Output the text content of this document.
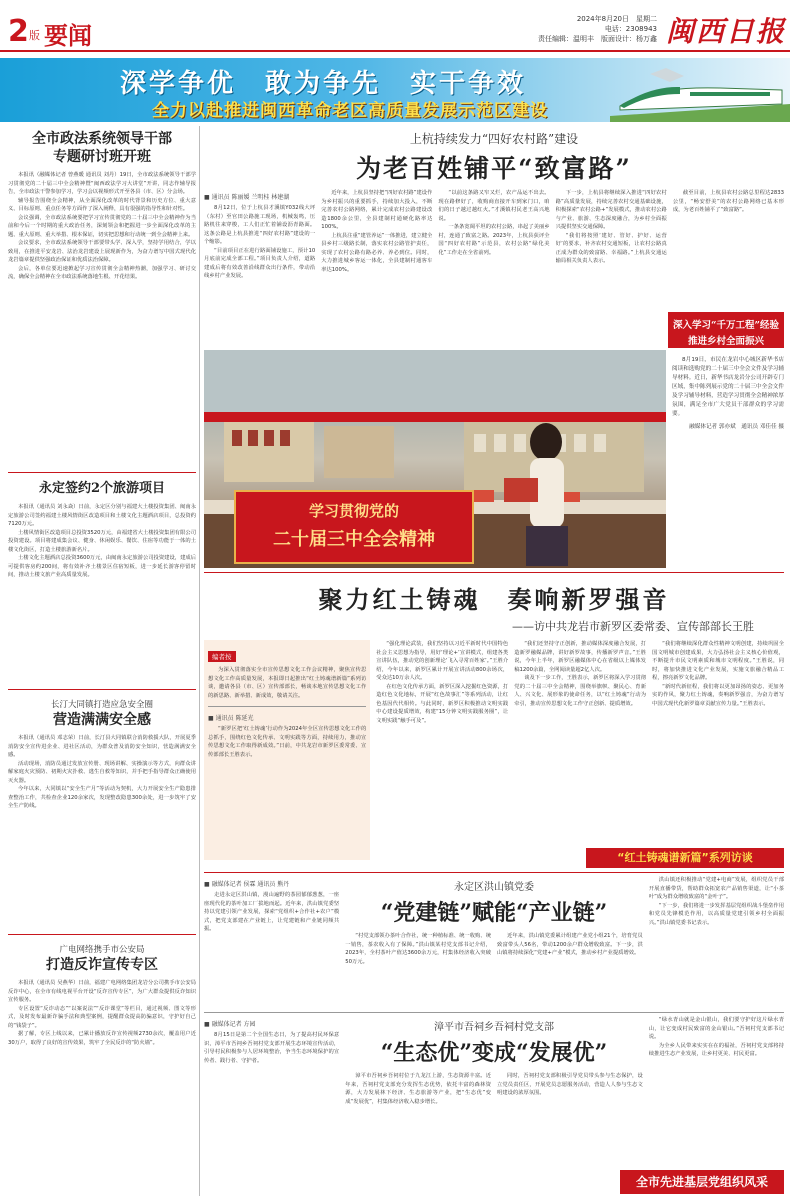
2 版 要闻
2024年8月20日　星期二
电话：2308943
责任编辑：温明丰　版面设计：杨万鑫 闽西日报
深学争优　敢为争先　实干争效
全力以赴推进闽西革命老区高质量发展示范区建设
全市政法系统领导干部
专题研讨班开班

本报讯（融媒体记者 曾燕暖 通讯员 刘丹）19日，全市政法系统领导干部学习贯彻党的二十届三中全会精神暨“闽西政法学习大讲堂”开讲，同志作辅导报告，全市政法干警参加学习，学习会以视频形式开至各县（市、区）分会场。

辅导报告围绕全会精神，从全面深化改革的时代背景和历史方位、重大意义、目标原则、重点任务等方面作了深入阐释，具有很强的指导性和针对性。

会议强调，全市政法系统要把学习宣传贯彻党的二十届三中全会精神作为当前和今后一个时期的重大政治任务，深刻领会和把握进一步全面深化改革的主题、重大原则、重大举措、根本保证，切实把思想和行动统一到全会精神上来。

会议要求，全市政法系统领导干部要带头学、深入学，坚持学用结合，学以致用，在推进平安龙岩、法治龙岩建设上展现新作为，为奋力谱写中国式现代化龙岩篇章提供坚强政治保证和优质法治保障。

会后，各单位要迅速掀起学习宣传贯彻全会精神热潮，加强学习、研讨交流，确保全会精神在全市政法系统落地生根、开花结果。

永定签约2个旅游项目

本报讯（通讯员 刘永焱）日前，永定区分别与福建大土楼投资集团、闽南永定旅游公司签约福建土楼风情街区改造项目和土楼文化主题酒店项目，总投资约7120万元。

土楼风情街区改造项目总投资3520万元，由福建省大土楼投资集团有限公司投资建设。项目将建成集会议、健身、休闲娱乐、餐饮、住宿等功能于一体的土楼文化街区，打造土楼旅游新名片。

土楼文化主题酒店总投资3600万元，由闽南永定旅游公司投资建设，建成后可提供客房约200间，将有效补齐土楼景区住宿短板，进一步延长游客停留时间，推动土楼文旅产业高质量发展。

长汀大同镇打造应急安全圈
营造满满安全感

本报讯（通讯员 邓志荣）日前，长汀县大同镇联合消防救援大队，开展夏季消防安全宣传进企业、进社区活动，为群众普及消防安全知识，营造满满安全感。

活动现场，消防员通过发放宣传册、现场讲解、实操演示等方式，向群众讲解家庭火灾预防、初期火灾扑救、逃生自救等知识，并手把手指导群众正确使用灭火器。

今年以来，大同镇以“安全生产月”等活动为契机，大力开展安全生产隐患排查整治工作，共检查企业120余家次，发现整改隐患300余处，进一步筑牢了安全生产防线。

广电网络携手市公安局
打造反诈宣传专区

本报讯（通讯员 吴燕华）日前，福建广电网络集团龙岩分公司携手市公安局反诈中心，在全市有线电视平台开设“反诈宣传专区”，为广大群众提供反诈知识宣传服务。

专区设置“反诈动态”“以案说法”“反诈课堂”等栏目，通过视频、图文等形式，及时发布最新诈骗手法和典型案例，提醒群众提高防骗意识，守护好自己的“钱袋子”。

据了解，专区上线以来，已累计播放反诈宣传视频2730余次，覆盖用户近30万户，取得了良好的宣传效果，筑牢了全民反诈的“防火墙”。

上杭持续发力“四好农村路”建设
为老百姓铺平“致富路”
■ 通讯员 陈丽媛 兰明桂 林建湖

8月12日，位于上杭县才溪镇Y032线大坪（东村）至官田公路施工现场，机械轰鸣，压路机往来穿梭，工人们正忙着铺设沥青路面。这条公路是上杭县推进“四好农村路”建设的一个缩影。

“目前项目正在进行路面铺设施工，预计10月底前完成全部工程。”项目负责人介绍，道路建成后将有效改善沿线群众出行条件，带动沿线乡村产业发展。

近年来，上杭县坚持把“四好农村路”建设作为乡村振兴的重要抓手，持续加大投入，不断完善农村公路网络，累计完成农村公路建设改造1800余公里，全县建制村通硬化路率达100%。

上杭县注重“建管养运”一体推进，建立健全县乡村三级路长制，落实农村公路管护责任，实现了农村公路有路必养、养必到位。同时，大力推进城乡客运一体化，全县建制村通客车率达100%。

“以前这条路又窄又烂，农产品运不出去。现在路修好了，收购商直接开车到家门口，咱们的日子越过越红火。”才溪镇村民老王高兴地说。

一条条宽阔平坦的农村公路，串起了美丽乡村，连通了致富之路。2023年，上杭县获评全国“四好农村路”示范县，农村公路“绿化美化”工作走在全省前列。

下一步，上杭县将继续深入推进“四好农村路”高质量发展，持续完善农村交通基础设施，积极探索“农村公路+”发展模式，推动农村公路与产业、旅游、生态深度融合，为乡村全面振兴提供坚实交通保障。

“我们将按照‘建好、管好、护好、运营好’的要求，补齐农村交通短板，让农村公路真正成为群众的致富路、幸福路。”上杭县交通运输局相关负责人表示。

截至目前，上杭县农村公路总里程达2833公里，“畅安舒美”的农村公路网络已基本形成，为老百姓铺平了“致富路”。

深入学习“千万工程”经验
推进乡村全面振兴
学习贯彻党的
二十届三中全会精神

8月19日，市民在龙岩中心城区新华书店阅读和选购党的二十届三中全会文件及学习辅导材料。近日，新华书店龙岩分公司开辟专门区域，集中陈列展示党的二十届三中全会文件及学习辅导材料，营造学习贯彻全会精神浓厚氛围，满足全市广大党员干部群众的学习需要。

融媒体记者 郭亦斌　通讯员 邓佳佳 摄
聚力红土铸魂　奏响新罗强音
——访中共龙岩市新罗区委常委、宣传部部长王胜
编者按

为深入贯彻落实全市宣传思想文化工作会议精神，聚焦宣传思想文化工作高质量发展，本报即日起推出“红土铸魂谱新篇”系列访谈，邀请各县（市、区）宣传部部长，畅谈本地宣传思想文化工作的新思路、新举措、新成效，敬请关注。

■ 通讯员 陈延光

“新罗区把‘红土铸魂’行动作为2024年全区宣传思想文化工作的总抓手，围绕红色文化传承、文明实践等方面，持续用力，推动宣传思想文化工作取得新成效。”日前，中共龙岩市新罗区委常委、宣传部部长王胜表示。

“强化理论武装，我们坚持以习近平新时代中国特色社会主义思想为指导，用好‘理论+’宣讲模式，组建各类宣讲队伍，推动党的创新理论‘飞入寻常百姓家’。”王胜介绍，今年以来，新罗区累计开展宣讲活动800余场次，受众达10万余人次。

在红色文化传承方面，新罗区深入挖掘红色资源，打造红色文化地标，开展“红色故事汇”等系列活动，让红色基因代代相传。与此同时，新罗区积极推动文明实践中心建设提质增效，构建“15分钟文明实践服务圈”，让文明实践“触手可及”。

“我们还坚持守正创新，推动媒体深度融合发展，打造新罗融媒品牌，讲好新罗故事，传播新罗声音。”王胜说，今年上半年，新罗区融媒体中心在省级以上媒体发稿1200余篇，全网阅读量超2亿人次。

谈及下一步工作，王胜表示，新罗区将深入学习贯彻党的二十届三中全会精神，围绕举旗帜、聚民心、育新人、兴文化、展形象的使命任务，以“红土铸魂”行动为牵引，推动宣传思想文化工作守正创新、提质增效。

“我们将继续深化群众性精神文明创建，持续巩固全国文明城市创建成果，大力弘扬社会主义核心价值观，不断提升市民文明素质和城市文明程度。”王胜说，同时，将加快推进文化产业发展，实施文旅融合精品工程，擦亮新罗文化品牌。

“新时代新征程，我们将以更加昂扬的姿态、更加务实的作风，聚力红土铸魂，奏响新罗强音，为奋力谱写中国式现代化新罗篇章贡献宣传力量。”王胜表示。

“红土铸魂谱新篇”系列访谈
■ 融媒体记者 侯霖 通讯员 熊丹

走进永定区洪山镇，漫山遍野的茶园郁郁葱葱，一座座现代化的茶叶加工厂拔地而起。近年来，洪山镇党委坚持以党建引领产业发展，探索“党组织+合作社+农户”模式，把党支部建在产业链上，让党建链和产业链同频共振。

永定区洪山镇党委
“党建链”赋能“产业链”

“村党支部领办茶叶合作社，统一种植标准、统一收购、统一销售，茶农收入有了保障。”洪山镇某村党支部书记介绍，2023年，全村茶叶产值达3600余万元，村集体经济收入突破50万元。

近年来，洪山镇党委累计组建产业党小组21个，培育党员致富带头人56名，带动1200余户群众增收致富。下一步，洪山镇将持续深化“党建+产业”模式，推动乡村产业提质增效。

洪山镇还积极推动“党建+电商”发展，组织党员干部开展直播带货，帮助群众拓宽农产品销售渠道，让“小茶叶”成为群众增收致富的“金叶子”。

“下一步，我们将进一步发挥基层党组织战斗堡垒作用和党员先锋模范作用，以高质量党建引领乡村全面振兴。”洪山镇党委书记表示。

■ 融媒体记者 方园

8月15日是第二个全国生态日，为了提高村民环保意识，漳平市吾祠乡吾祠村党支部开展生态环境宣传活动，引导村民积极参与人居环境整治，争当生态环境保护的宣传者、践行者、守护者。

漳平市吾祠乡吾祠村党支部
“生态优”变成“发展优”

漳平市吾祠乡吾祠村位于九龙江上游，生态资源丰富。近年来，吾祠村党支部充分发挥生态优势，依托丰富的森林资源，大力发展林下经济、生态旅游等产业，把“生态优”变成“发展优”，村集体经济收入稳步增长。

同时，吾祠村党支部积极引导党员带头参与生态保护，设立党员责任区，开展党员志愿服务活动，营造人人参与生态文明建设的浓厚氛围。

“绿水青山就是金山银山，我们要守护好这片绿水青山，让它变成村民致富的金山银山。”吾祠村党支部书记说。

为全乡人民带来实实在在的福祉，吾祠村党支部将持续推进生态产业发展，让乡村更美、村民更富。

全市先进基层党组织风采
